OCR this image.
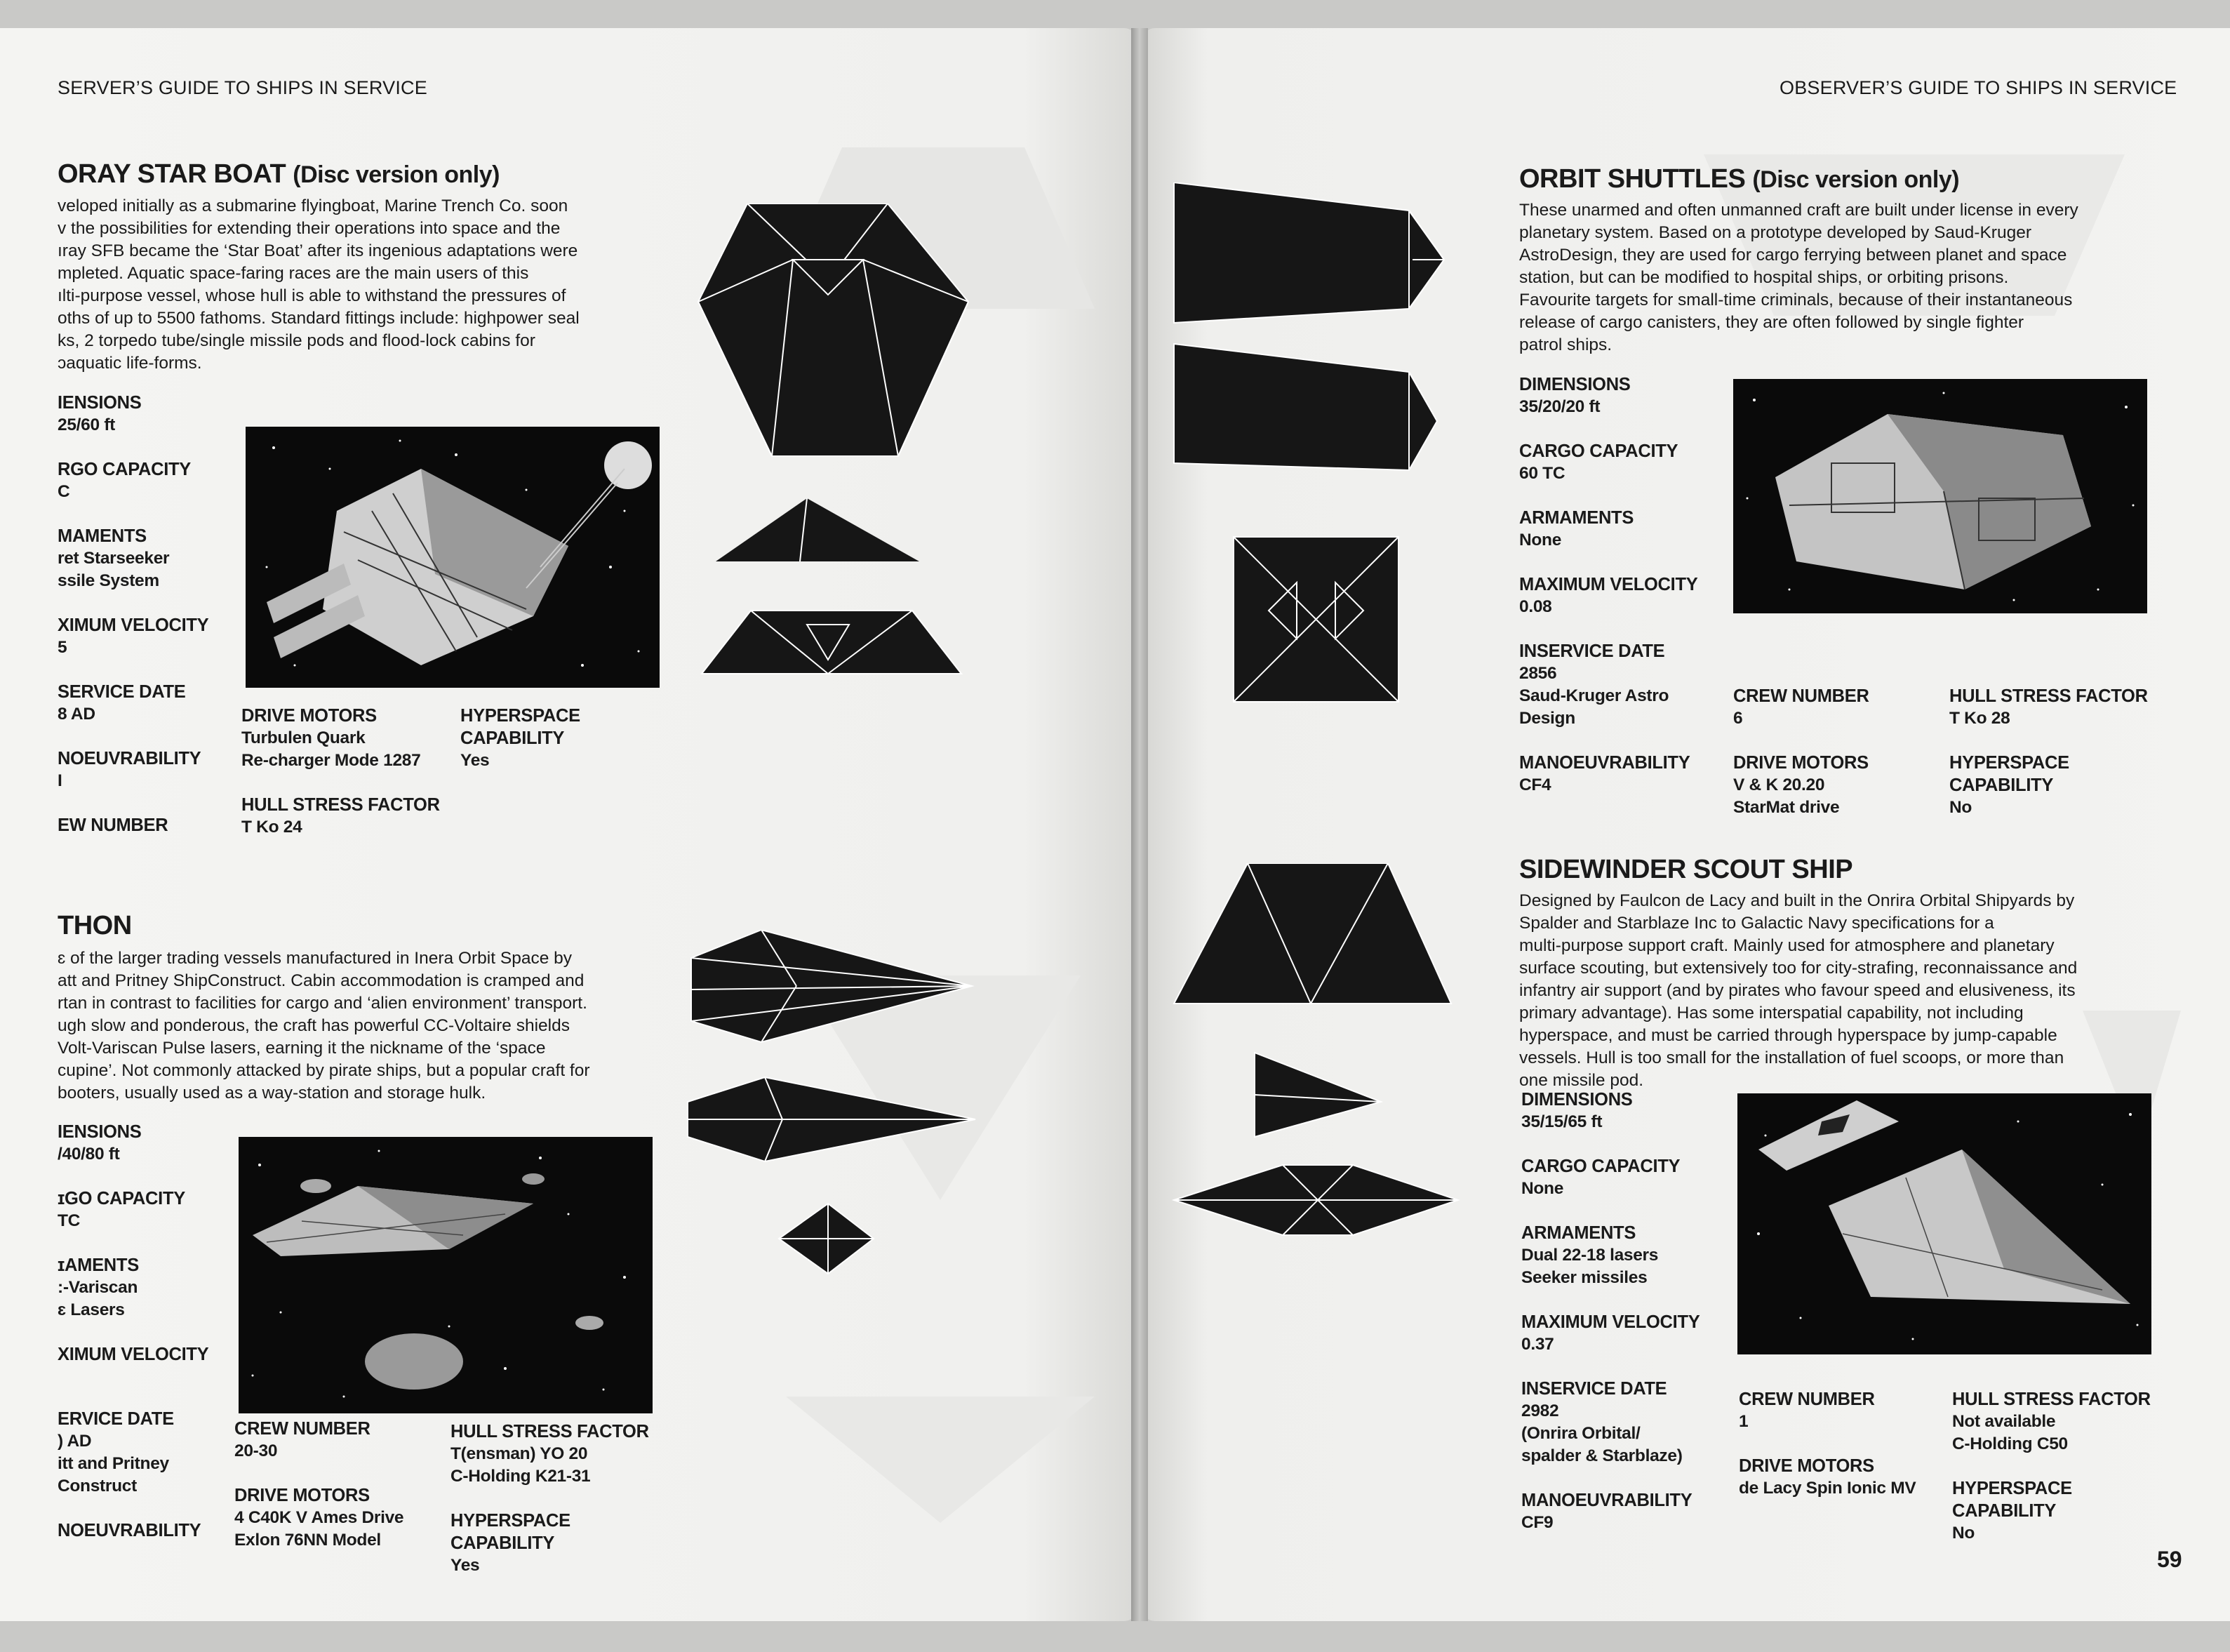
SERVER’S GUIDE TO SHIPS IN SERVICE
ORAY STAR BOAT (Disc version only)
veloped initially as a submarine flyingboat, Marine Trench Co. soon
v the possibilities for extending their operations into space and the
ıray SFB became the ‘Star Boat’ after its ingenious adaptations were
mpleted. Aquatic space-faring races are the main users of this
ılti-purpose vessel, whose hull is able to withstand the pressures of
oths of up to 5500 fathoms. Standard fittings include: highpower seal
ks, 2 torpedo tube/single missile pods and flood-lock cabins for
ɔaquatic life-forms.
IENSIONS
25/60 ft
RGO CAPACITY
C
MAMENTS
ret Starseeker
ssile System
XIMUM VELOCITY
5
SERVICE DATE
8 AD
NOEUVRABILITY
I
EW NUMBER
DRIVE MOTORS
Turbulen Quark
Re-charger Mode 1287
HULL STRESS FACTOR
T Ko 24
HYPERSPACE
CAPABILITY
Yes
THON
ɛ of the larger trading vessels manufactured in Inera Orbit Space by
att and Pritney ShipConstruct. Cabin accommodation is cramped and
rtan in contrast to facilities for cargo and ‘alien environment’ transport.
ugh slow and ponderous, the craft has powerful CC-Voltaire shields
Volt-Variscan Pulse lasers, earning it the nickname of the ‘space
cupine’. Not commonly attacked by pirate ships, but a popular craft for
booters, usually used as a way-station and storage hulk.
IENSIONS
/40/80 ft
ɪGO CAPACITY
TC
ɪAMENTS
:-Variscan
ɛ Lasers
XIMUM VELOCITY
ERVICE DATE
) AD
itt and Pritney
Construct
NOEUVRABILITY
CREW NUMBER
20-30
DRIVE MOTORS
4 C40K V Ames Drive
Exlon 76NN Model
HULL STRESS FACTOR
T(ensman) YO 20
C-Holding K21-31
HYPERSPACE
CAPABILITY
Yes
OBSERVER’S GUIDE TO SHIPS IN SERVICE
ORBIT SHUTTLES (Disc version only)
These unarmed and often unmanned craft are built under license in every
planetary system. Based on a prototype developed by Saud-Kruger
AstroDesign, they are used for cargo ferrying between planet and space
station, but can be modified to hospital ships, or orbiting prisons.
Favourite targets for small-time criminals, because of their instantaneous
release of cargo canisters, they are often followed by single fighter
patrol ships.
DIMENSIONS
35/20/20 ft
CARGO CAPACITY
60 TC
ARMAMENTS
None
MAXIMUM VELOCITY
0.08
INSERVICE DATE
2856
Saud-Kruger Astro
Design
MANOEUVRABILITY
CF4
CREW NUMBER
6
DRIVE MOTORS
V & K 20.20
StarMat drive
HULL STRESS FACTOR
T Ko 28
HYPERSPACE
CAPABILITY
No
SIDEWINDER SCOUT SHIP
Designed by Faulcon de Lacy and built in the Onrira Orbital Shipyards by
Spalder and Starblaze Inc to Galactic Navy specifications for a
multi-purpose support craft. Mainly used for atmosphere and planetary
surface scouting, but extensively too for city-strafing, reconnaissance and
infantry air support (and by pirates who favour speed and elusiveness, its
primary advantage). Has some interspatial capability, not including
hyperspace, and must be carried through hyperspace by jump-capable
vessels. Hull is too small for the installation of fuel scoops, or more than
one missile pod.
DIMENSIONS
35/15/65 ft
CARGO CAPACITY
None
ARMAMENTS
Dual 22-18 lasers
Seeker missiles
MAXIMUM VELOCITY
0.37
INSERVICE DATE
2982
(Onrira Orbital/
spalder & Starblaze)
MANOEUVRABILITY
CF9
CREW NUMBER
1
DRIVE MOTORS
de Lacy Spin Ionic MV
HULL STRESS FACTOR
Not available
C-Holding C50
HYPERSPACE
CAPABILITY
No
59
